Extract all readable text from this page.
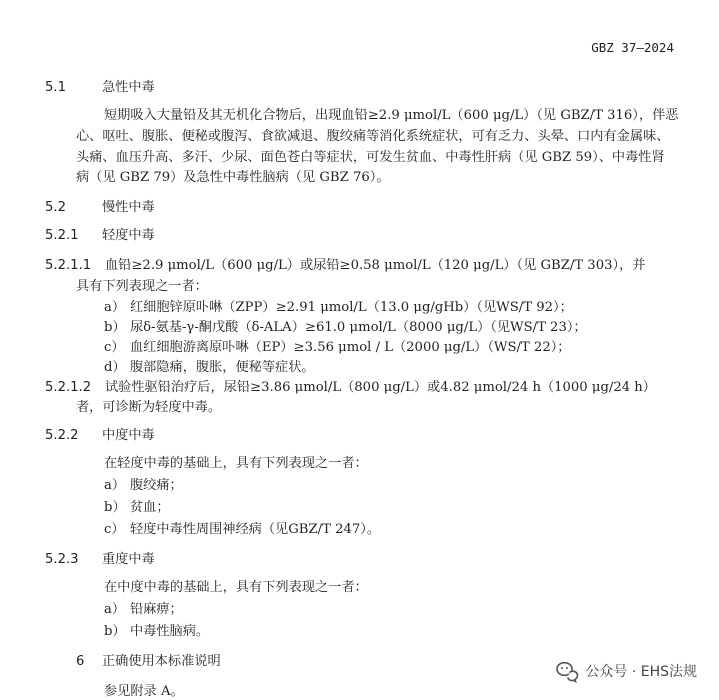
GBZ 37—2024
5.1	急性中毒
短期吸入大量铅及其无机化合物后，出现血铅≥2.9 μmol/L（600 μg/L）（见 GBZ/T 316），伴恶
心、呕吐、腹胀、便秘或腹泻、食欲减退、腹绞痛等消化系统症状，可有乏力、头晕、口内有金属味、
头痛、血压升高、多汗、少尿、面色苍白等症状，可发生贫血、中毒性肝病（见 GBZ 59）、中毒性肾
病（见 GBZ 79）及急性中毒性脑病（见 GBZ 76）。
5.2	慢性中毒
5.2.1 轻度中毒
5.2.1.1 血铅≥2.9 μmol/L（600 μg/L）或尿铅≥0.58 μmol/L（120 μg/L）（见 GBZ/T 303），并
具有下列表现之一者：
a） 红细胞锌原卟啉（ZPP）≥2.91 μmol/L（13.0 μg/gHb）（见WS/T 92）；
b） 尿δ-氨基-γ-酮戊酸（δ-ALA）≥61.0 μmol/L（8000 μg/L）（见WS/T 23）；
c） 血红细胞游离原卟啉（EP）≥3.56 μmol / L（2000 μg/L）（WS/T 22）；
d） 腹部隐痛，腹胀，便秘等症状。
5.2.1.2 试验性驱铅治疗后，尿铅≥3.86 μmol/L（800 μg/L）或4.82 μmol/24 h（1000 μg/24 h）
者，可诊断为轻度中毒。
5.2.2 中度中毒
在轻度中毒的基础上，具有下列表现之一者：
a） 腹绞痛；
b） 贫血；
c） 轻度中毒性周围神经病（见GBZ/T 247）。
5.2.3 重度中毒
在中度中毒的基础上，具有下列表现之一者：
a） 铅麻痹；
b） 中毒性脑病。
6 正确使用本标准说明
参见附录 A。
公众号 · EHS法规
